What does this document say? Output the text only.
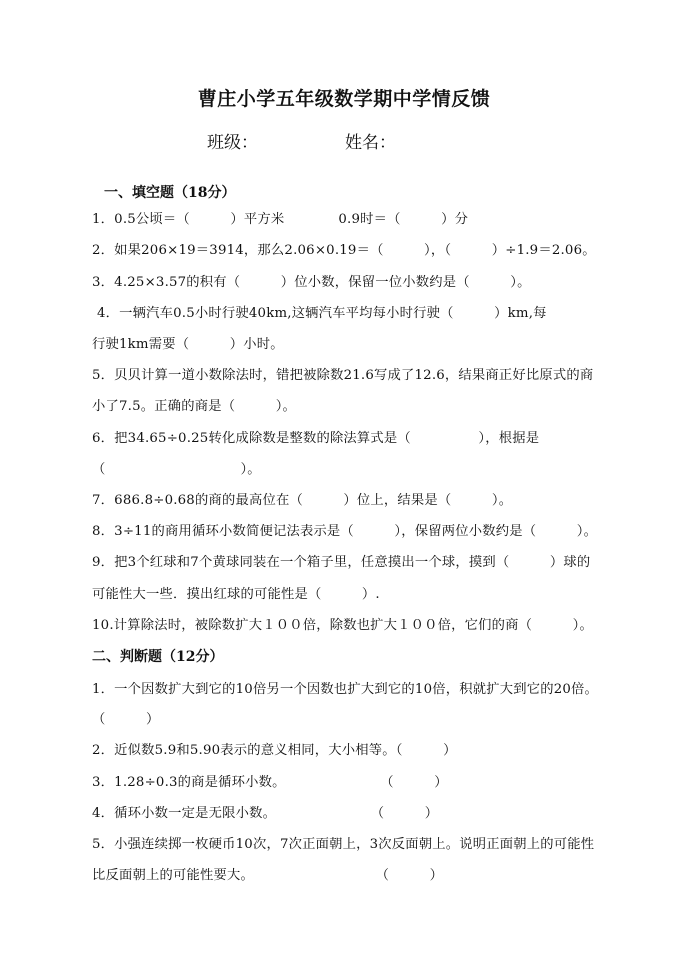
曹庄小学五年级数学期中学情反馈
班级：	姓名：
一、填空题（18分）
1．0.5公顷＝（　　　）平方米　　　　0.9时＝（　　　）分
2．如果206×19＝3914，那么2.06×0.19＝（　　　），（　　　）÷1.9＝2.06。
3．4.25×3.57的积有（　　　）位小数，保留一位小数约是（　　　）。
4．一辆汽车0.5小时行驶40km,这辆汽车平均每小时行驶（　　　）km,每
行驶1km需要（　　　）小时。
5．贝贝计算一道小数除法时，错把被除数21.6写成了12.6，结果商正好比原式的商
小了7.5。正确的商是（　　　）。
6．把34.65÷0.25转化成除数是整数的除法算式是（　　　　　），根据是
（　　　　　　　　　　）。
7．686.8÷0.68的商的最高位在（　　　）位上，结果是（　　　）。
8．3÷11的商用循环小数简便记法表示是（　　　），保留两位小数约是（　　　）。
9．把3个红球和7个黄球同装在一个箱子里，任意摸出一个球，摸到（　　　）球的
可能性大一些．摸出红球的可能性是（　　　）.
10.计算除法时，被除数扩大１００倍，除数也扩大１００倍，它们的商（　　　）。
二、判断题（12分）
1．一个因数扩大到它的10倍另一个因数也扩大到它的10倍，积就扩大到它的20倍。
（　　　）
2．近似数5.9和5.90表示的意义相同，大小相等。（　　　）
3．1.28÷0.3的商是循环小数。　　　　　　　　（　　　）
4．循环小数一定是无限小数。　　　　　　　　（　　　）
5．小强连续掷一枚硬币10次，7次正面朝上，3次反面朝上。说明正面朝上的可能性
比反面朝上的可能性要大。　　　　　　　　　　（　　　）
